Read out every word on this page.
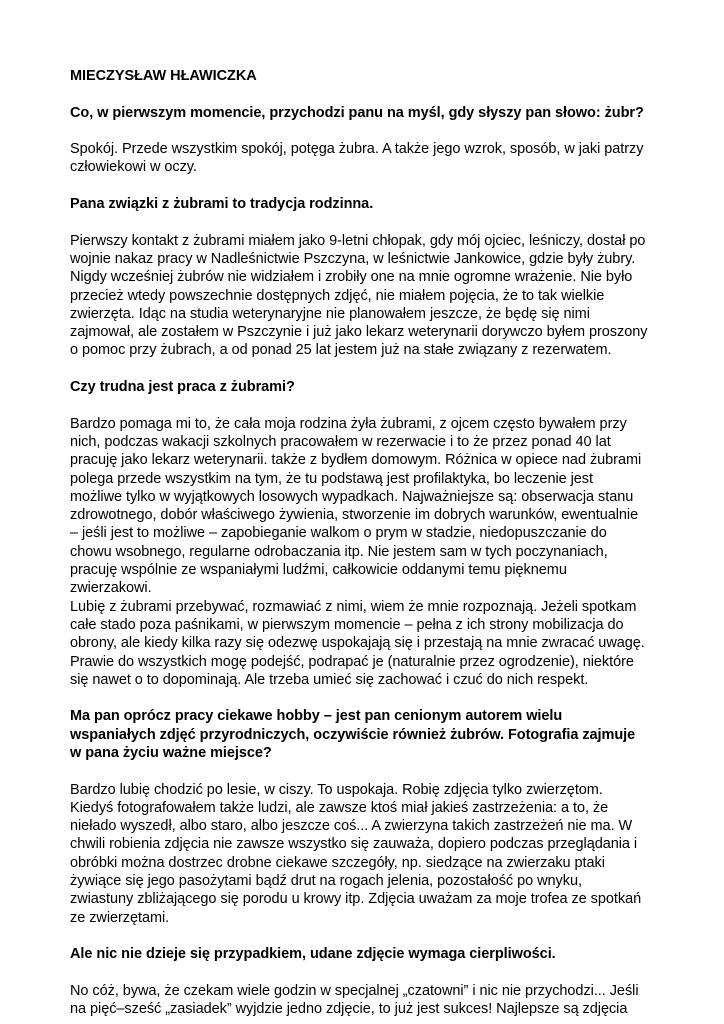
MIECZYSŁAW HŁAWICZKA

Co, w pierwszym momencie, przychodzi panu na myśl, gdy słyszy pan słowo: żubr?

Spokój. Przede wszystkim spokój, potęga żubra. A także jego wzrok, sposób, w jaki patrzy
człowiekowi w oczy.

Pana związki z żubrami to tradycja rodzinna.

Pierwszy kontakt z żubrami miałem jako 9-letni chłopak, gdy mój ojciec, leśniczy, dostał po
wojnie nakaz pracy w Nadleśnictwie Pszczyna, w leśnictwie Jankowice, gdzie były żubry.
Nigdy wcześniej żubrów nie widziałem i zrobiły one na mnie ogromne wrażenie. Nie było
przecież wtedy powszechnie dostępnych zdjęć, nie miałem pojęcia, że to tak wielkie
zwierzęta. Idąc na studia weterynaryjne nie planowałem jeszcze, że będę się nimi
zajmował, ale zostałem w Pszczynie i już jako lekarz weterynarii dorywczo byłem proszony
o pomoc przy żubrach, a od ponad 25 lat jestem już na stałe związany z rezerwatem.

Czy trudna jest praca z żubrami?

Bardzo pomaga mi to, że cała moja rodzina żyła żubrami, z ojcem często bywałem przy
nich, podczas wakacji szkolnych pracowałem w rezerwacie i to że przez ponad 40 lat
pracuję jako lekarz weterynarii. także z bydłem domowym. Różnica w opiece nad żubrami
polega przede wszystkim na tym, że tu podstawą jest profilaktyka, bo leczenie jest
możliwe tylko w wyjątkowych losowych wypadkach. Najważniejsze są: obserwacja stanu
zdrowotnego, dobór właściwego żywienia, stworzenie im dobrych warunków, ewentualnie
– jeśli jest to możliwe – zapobieganie walkom o prym w stadzie, niedopuszczanie do
chowu wsobnego, regularne odrobaczania itp. Nie jestem sam w tych poczynaniach,
pracuję wspólnie ze wspaniałymi ludźmi, całkowicie oddanymi temu pięknemu
zwierzakowi.
Lubię z żubrami przebywać, rozmawiać z nimi, wiem że mnie rozpoznają. Jeżeli spotkam
całe stado poza paśnikami, w pierwszym momencie – pełna z ich strony mobilizacja do
obrony, ale kiedy kilka razy się odezwę uspokajają się i przestają na mnie zwracać uwagę.
Prawie do wszystkich mogę podejść, podrapać je (naturalnie przez ogrodzenie), niektóre
się nawet o to dopominają. Ale trzeba umieć się zachować i czuć do nich respekt.

Ma pan oprócz pracy ciekawe hobby – jest pan cenionym autorem wielu
wspaniałych zdjęć przyrodniczych, oczywiście również żubrów. Fotografia zajmuje
w pana życiu ważne miejsce?

Bardzo lubię chodzić po lesie, w ciszy. To uspokaja. Robię zdjęcia tylko zwierzętom.
Kiedyś fotografowałem także ludzi, ale zawsze ktoś miał jakieś zastrzeżenia: a to, że
niełado wyszedł, albo staro, albo jeszcze coś... A zwierzyna takich zastrzeżeń nie ma. W
chwili robienia zdjęcia nie zawsze wszystko się zauważa, dopiero podczas przeglądania i
obróbki można dostrzec drobne ciekawe szczegóły, np. siedzące na zwierzaku ptaki
żywiące się jego pasożytami bądź drut na rogach jelenia, pozostałość po wnyku,
zwiastuny zbliżającego się porodu u krowy itp. Zdjęcia uważam za moje trofea ze spotkań
ze zwierzętami.

Ale nic nie dzieje się przypadkiem, udane zdjęcie wymaga cierpliwości.

No cóż, bywa, że czekam wiele godzin w specjalnej „czatowni” i nic nie przychodzi... Jeśli
na pięć–sześć „zasiadek” wyjdzie jedno zdjęcie, to już jest sukces! Najlepsze są zdjęcia
